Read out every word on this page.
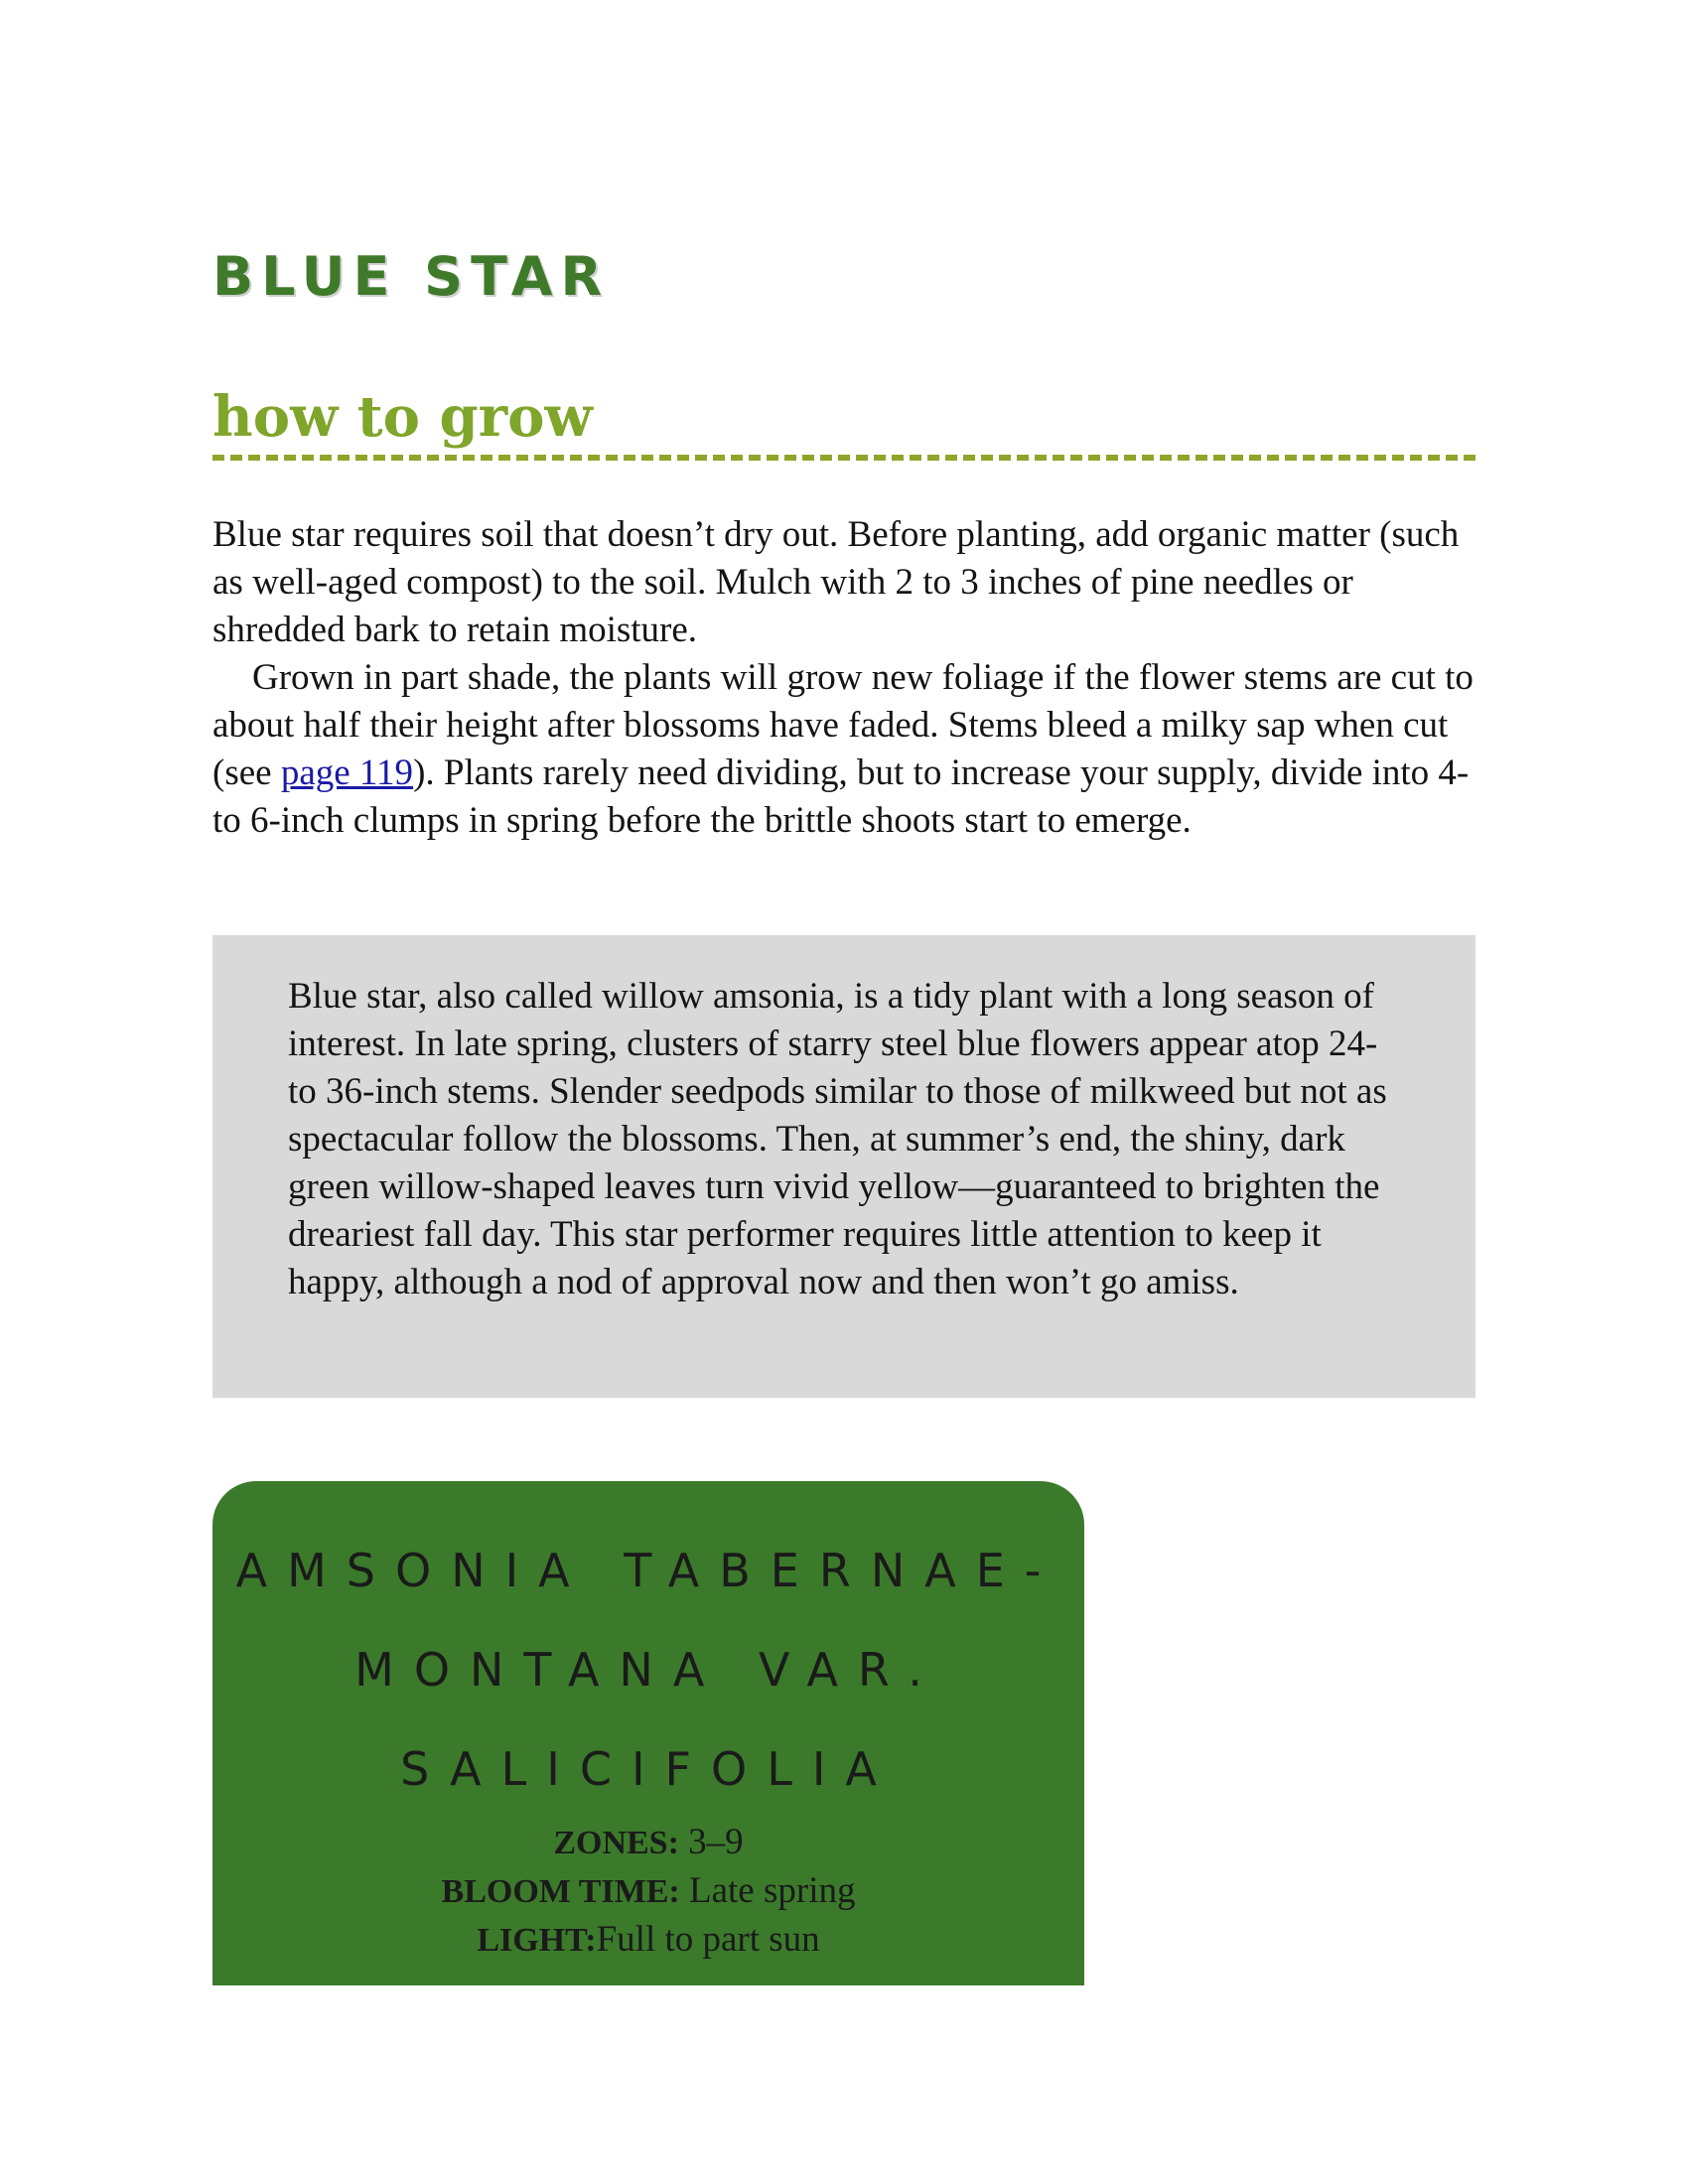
BLUE STAR
how to grow

Blue star requires soil that doesn’t dry out. Before planting, add organic matter (such as well-aged compost) to the soil. Mulch with 2 to 3 inches of pine needles or shredded bark to retain moisture.

Grown in part shade, the plants will grow new foliage if the flower stems are cut to about half their height after blossoms have faded. Stems bleed a milky sap when cut (see page 119). Plants rarely need dividing, but to increase your supply, divide into 4- to 6-inch clumps in spring before the brittle shoots start to emerge.

Blue star, also called willow amsonia, is a tidy plant with a long season of interest. In late spring, clusters of starry steel blue flowers appear atop 24- to 36-inch stems. Slender seedpods similar to those of milkweed but not as spectacular follow the blossoms. Then, at summer’s end, the shiny, dark green willow-shaped leaves turn vivid yellow—guaranteed to brighten the dreariest fall day. This star performer requires little attention to keep it happy, although a nod of approval now and then won’t go amiss.

AMSONIA TABERNAE-
MONTANA VAR.
SALICIFOLIA
ZONES: 3–9
BLOOM TIME: Late spring
LIGHT:Full to part sun
